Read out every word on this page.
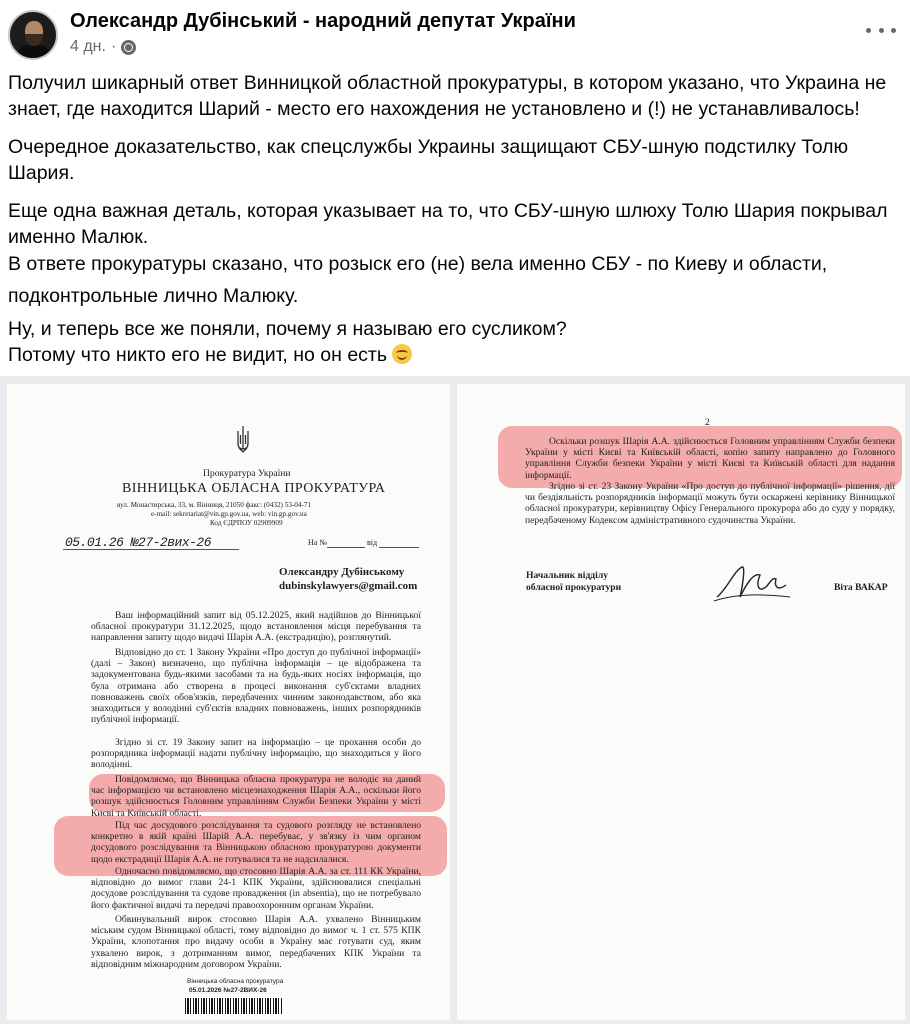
Олександр Дубінський - народний депутат України
4 дн. ·

Получил шикарный ответ Винницкой областной прокуратуры, в котором указано, что Украина не знает, где находится Шарий - место его нахождения не установлено и (!) не устанавливалось!

Очередное доказательство, как спецслужбы Украины защищают СБУ-шную подстилку Толю Шария.

Еще одна важная деталь, которая указывает на то, что СБУ-шную шлюху Толю Шария покрывал именно Малюк.

В ответе прокуратуры сказано, что розыск его (не) вела именно СБУ - по Киеву и области, подконтрольные лично Малюку.

Ну, и теперь все же поняли, почему я называю его сусликом?

Потому что никто его не видит, но он есть

Прокуратура України
ВІННИЦЬКА ОБЛАСНА ПРОКУРАТУРА
вул. Монастирська, 33, м. Вінниця, 21050 факс: (0432) 53-04-71
e-mail: sekretariat@vin.gp.gov.ua, web: vin.gp.gov.ua
Код ЄДРПОУ 02909909
05.01.26 №27-2вих-26	На №	від
Олександру Дубінському
dubinskylawyers@gmail.com
Ваш інформаційний запит від 05.12.2025, який надійшов до Вінницької обласної прокуратури 31.12.2025, щодо встановлення місця перебування та направлення запиту щодо видачі Шарія А.А. (екстрадицію), розглянутий.
Відповідно до ст. 1 Закону України «Про доступ до публічної інформації» (далі – Закон) визначено, що публічна інформація – це відображена та задокументована будь-якими засобами та на будь-яких носіях інформація, що була отримана або створена в процесі виконання суб'єктами владних повноважень своїх обов'язків, передбачених чинним законодавством, або яка знаходиться у володінні суб'єктів владних повноважень, інших розпорядників публічної інформації.
Згідно зі ст. 19 Закону запит на інформацію – це прохання особи до розпорядника інформації надати публічну інформацію, що знаходиться у його володінні.
Повідомляємо, що Вінницька обласна прокуратура не володіє на даний час інформацією чи встановлено місцезнаходження Шарія А.А., оскільки його розшук здійснюється Головним управлінням Служби Безпеки України у місті Києві та Київській області.
Під час досудового розслідування та судового розгляду не встановлено конкретно в якій країні Шарій А.А. перебуває, у зв'язку із чим органом досудового розслідування та Вінницькою обласною прокуратурою документи щодо екстрадиції Шарія А.А. не готувалися та не надсилалися.
Одночасно повідомляємо, що стосовно Шарія А.А. за ст. 111 КК України, відповідно до вимог глави 24-1 КПК України, здійснювалися спеціальні досудове розслідування та судове провадження (in absentia), що не потребувало його фактичної видачі та передачі правоохоронним органам України.
Обвинувальний вирок стосовно Шарія А.А. ухвалено Вінницьким міським судом Вінницької області, тому відповідно до вимог ч. 1 ст. 575 КПК України, клопотання про видачу особи в Україну має готувати суд, яким ухвалено вирок, з дотриманням вимог, передбачених КПК України та відповідним міжнародним договором України.
Вінницька обласна прокуратура
05.01.2026 №27-2ВИХ-26
2
Оскільки розшук Шарія А.А. здійснюється Головним управлінням Служби безпеки України у місті Києві та Київській області, копію запиту направлено до Головного управління Служби безпеки України у місті Києві та Київській області для надання інформації.
Згідно зі ст. 23 Закону України «Про доступ до публічної інформації» рішення, дії чи бездіяльність розпорядників інформації можуть бути оскаржені керівнику Вінницької обласної прокуратури, керівництву Офісу Генерального прокурора або до суду у порядку, передбаченому Кодексом адміністративного судочинства України.
Начальник відділу
обласної прокуратури	Віта ВАКАР
